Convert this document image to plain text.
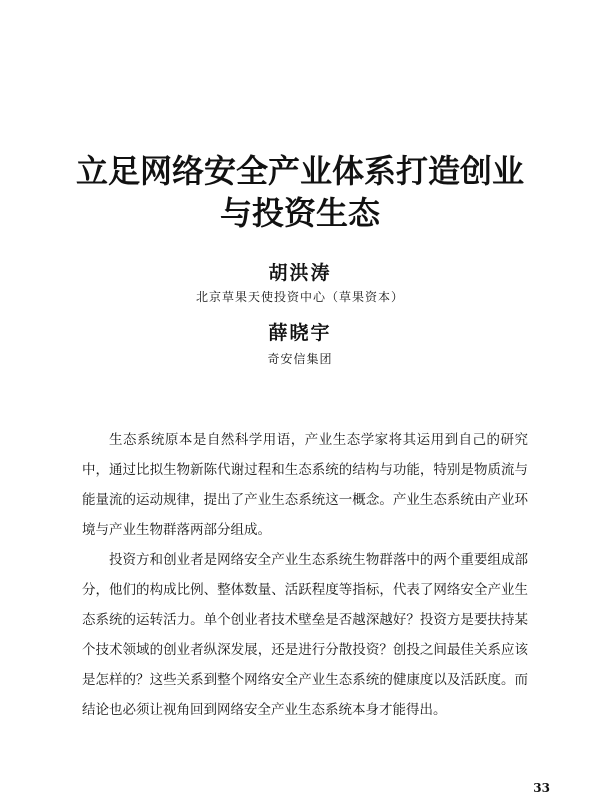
立足网络安全产业体系打造创业
与投资生态
胡洪涛
北京草果天使投资中心（草果资本）
薛晓宇
奇安信集团

生态系统原本是自然科学用语，产业生态学家将其运用到自己的研究中，通过比拟生物新陈代谢过程和生态系统的结构与功能，特别是物质流与能量流的运动规律，提出了产业生态系统这一概念。产业生态系统由产业环境与产业生物群落两部分组成。

投资方和创业者是网络安全产业生态系统生物群落中的两个重要组成部分，他们的构成比例、整体数量、活跃程度等指标，代表了网络安全产业生态系统的运转活力。单个创业者技术壁垒是否越深越好？投资方是要扶持某个技术领域的创业者纵深发展，还是进行分散投资？创投之间最佳关系应该是怎样的？这些关系到整个网络安全产业生态系统的健康度以及活跃度。而结论也必须让视角回到网络安全产业生态系统本身才能得出。

33
